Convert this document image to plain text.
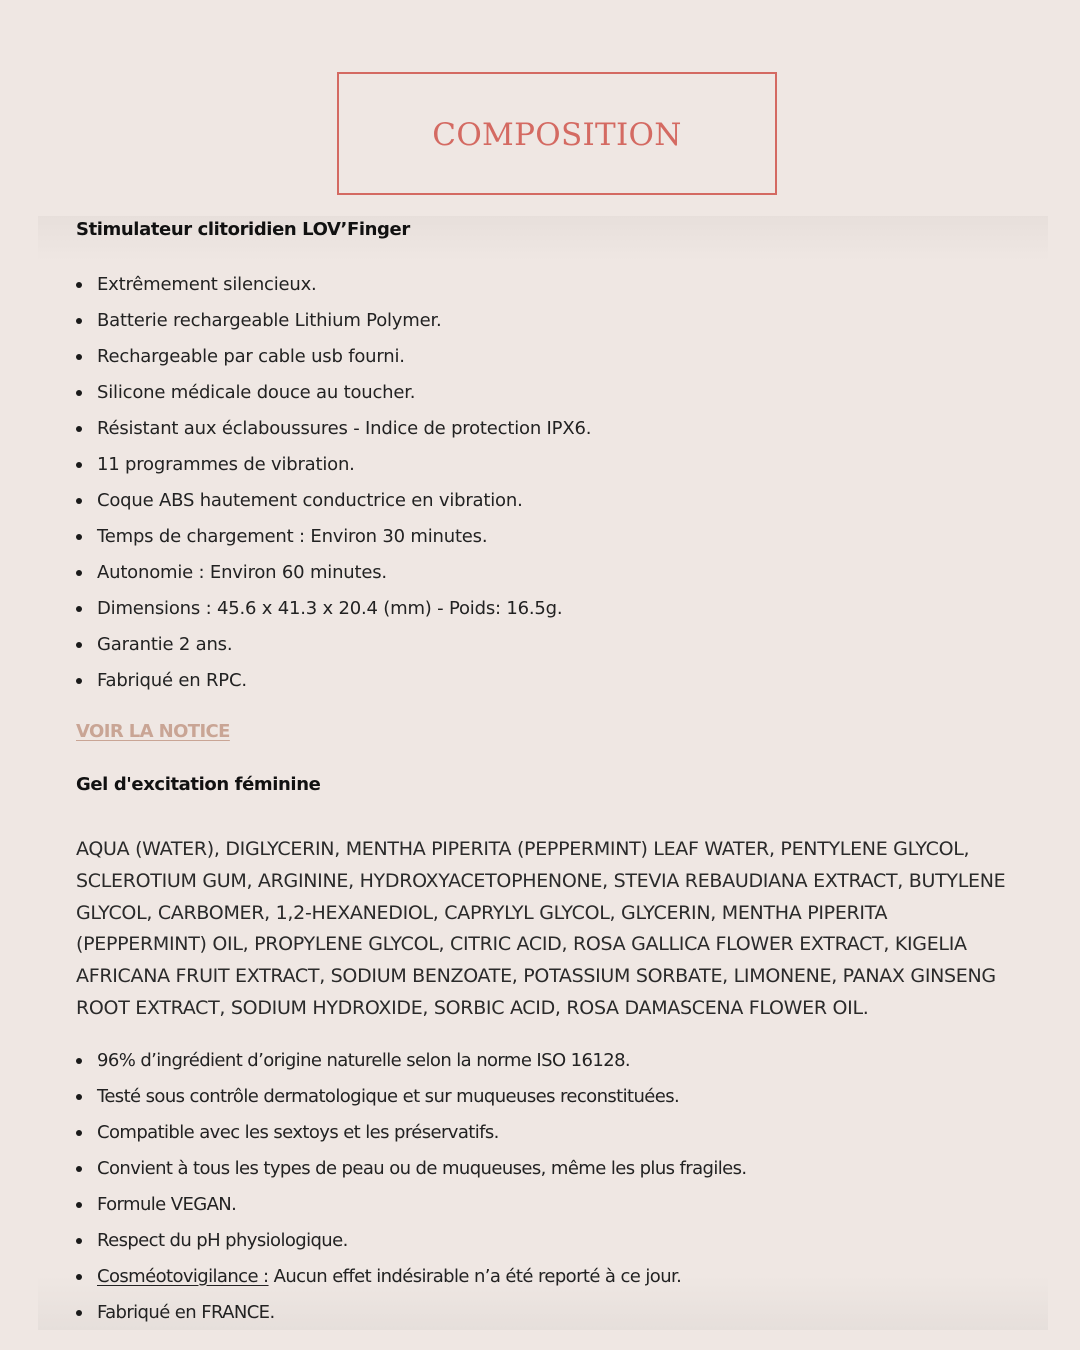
COMPOSITION
Stimulateur clitoridien LOV’Finger
Extrêmement silencieux.
Batterie rechargeable Lithium Polymer.
Rechargeable par cable usb fourni.
Silicone médicale douce au toucher.
Résistant aux éclaboussures - Indice de protection IPX6.
11 programmes de vibration.
Coque ABS hautement conductrice en vibration.
Temps de chargement : Environ 30 minutes.
Autonomie : Environ 60 minutes.
Dimensions : 45.6 x 41.3 x 20.4 (mm) - Poids: 16.5g.
Garantie 2 ans.
Fabriqué en RPC.
VOIR LA NOTICE
Gel d'excitation féminine
AQUA (WATER), DIGLYCERIN, MENTHA PIPERITA (PEPPERMINT) LEAF WATER, PENTYLENE GLYCOL, SCLEROTIUM GUM, ARGININE, HYDROXYACETOPHENONE, STEVIA REBAUDIANA EXTRACT, BUTYLENE GLYCOL, CARBOMER, 1,2-HEXANEDIOL, CAPRYLYL GLYCOL, GLYCERIN, MENTHA PIPERITA (PEPPERMINT) OIL, PROPYLENE GLYCOL, CITRIC ACID, ROSA GALLICA FLOWER EXTRACT, KIGELIA AFRICANA FRUIT EXTRACT, SODIUM BENZOATE, POTASSIUM SORBATE, LIMONENE, PANAX GINSENG ROOT EXTRACT, SODIUM HYDROXIDE, SORBIC ACID, ROSA DAMASCENA FLOWER OIL.
96% d’ingrédient d’origine naturelle selon la norme ISO 16128.
Testé sous contrôle dermatologique et sur muqueuses reconstituées.
Compatible avec les sextoys et les préservatifs.
Convient à tous les types de peau ou de muqueuses, même les plus fragiles.
Formule VEGAN.
Respect du pH physiologique.
Cosméotovigilance : Aucun effet indésirable n’a été reporté à ce jour.
Fabriqué en FRANCE.
